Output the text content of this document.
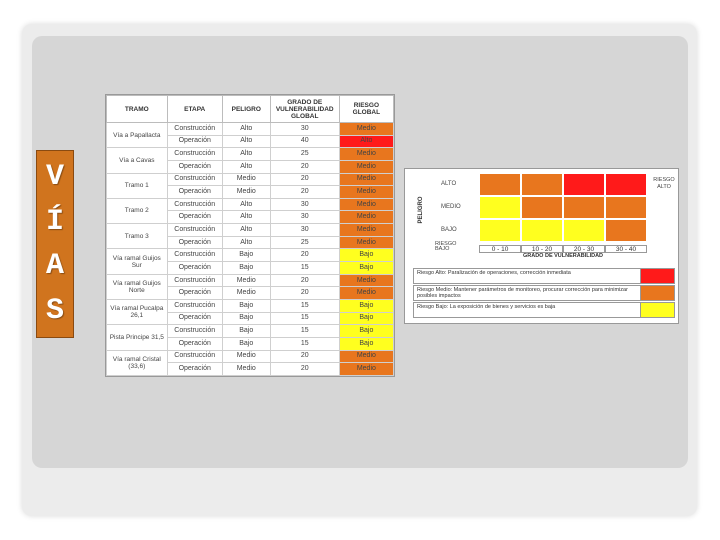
V
Í
A
S
TRAMO	ETAPA	PELIGRO	GRADO DE VULNERABILIDAD GLOBAL	RIESGO GLOBAL
Vía a Papallacta	Construcción	Alto	30	Medio
	Operación	Alto	40	Alto
Vía a Cavas	Construcción	Alto	25	Medio
	Operación	Alto	20	Medio
Tramo 1	Construcción	Medio	20	Medio
	Operación	Medio	20	Medio
Tramo 2	Construcción	Alto	30	Medio
	Operación	Alto	30	Medio
Tramo 3	Construcción	Alto	30	Medio
	Operación	Alto	25	Medio
Vía ramal Guijos Sur	Construcción	Bajo	20	Bajo
	Operación	Bajo	15	Bajo
Vía ramal Guijos Norte	Construcción	Medio	20	Medio
	Operación	Medio	20	Medio
Vía ramal Pucalpa 26,1	Construcción	Bajo	15	Bajo
	Operación	Bajo	15	Bajo
Pista Principe 31,5	Construcción	Bajo	15	Bajo
	Operación	Bajo	15	Bajo
Vía ramal Cristal (33,6)	Construcción	Medio	20	Medio
	Operación	Medio	20	Medio
PELIGRO
ALTO
MEDIO
BAJO
RIESGO
BAJO	0 - 10	10 - 20	20 - 30	30 - 40
GRADO DE VULNERABILIDAD
RIESGO ALTO
Riesgo Alto: Paralización de operaciones, corrección inmediata
Riesgo Medio: Mantener parámetros de monitoreo, procurar corrección para minimizar posibles impactos
Riesgo Bajo: La exposición de bienes y servicios es baja
